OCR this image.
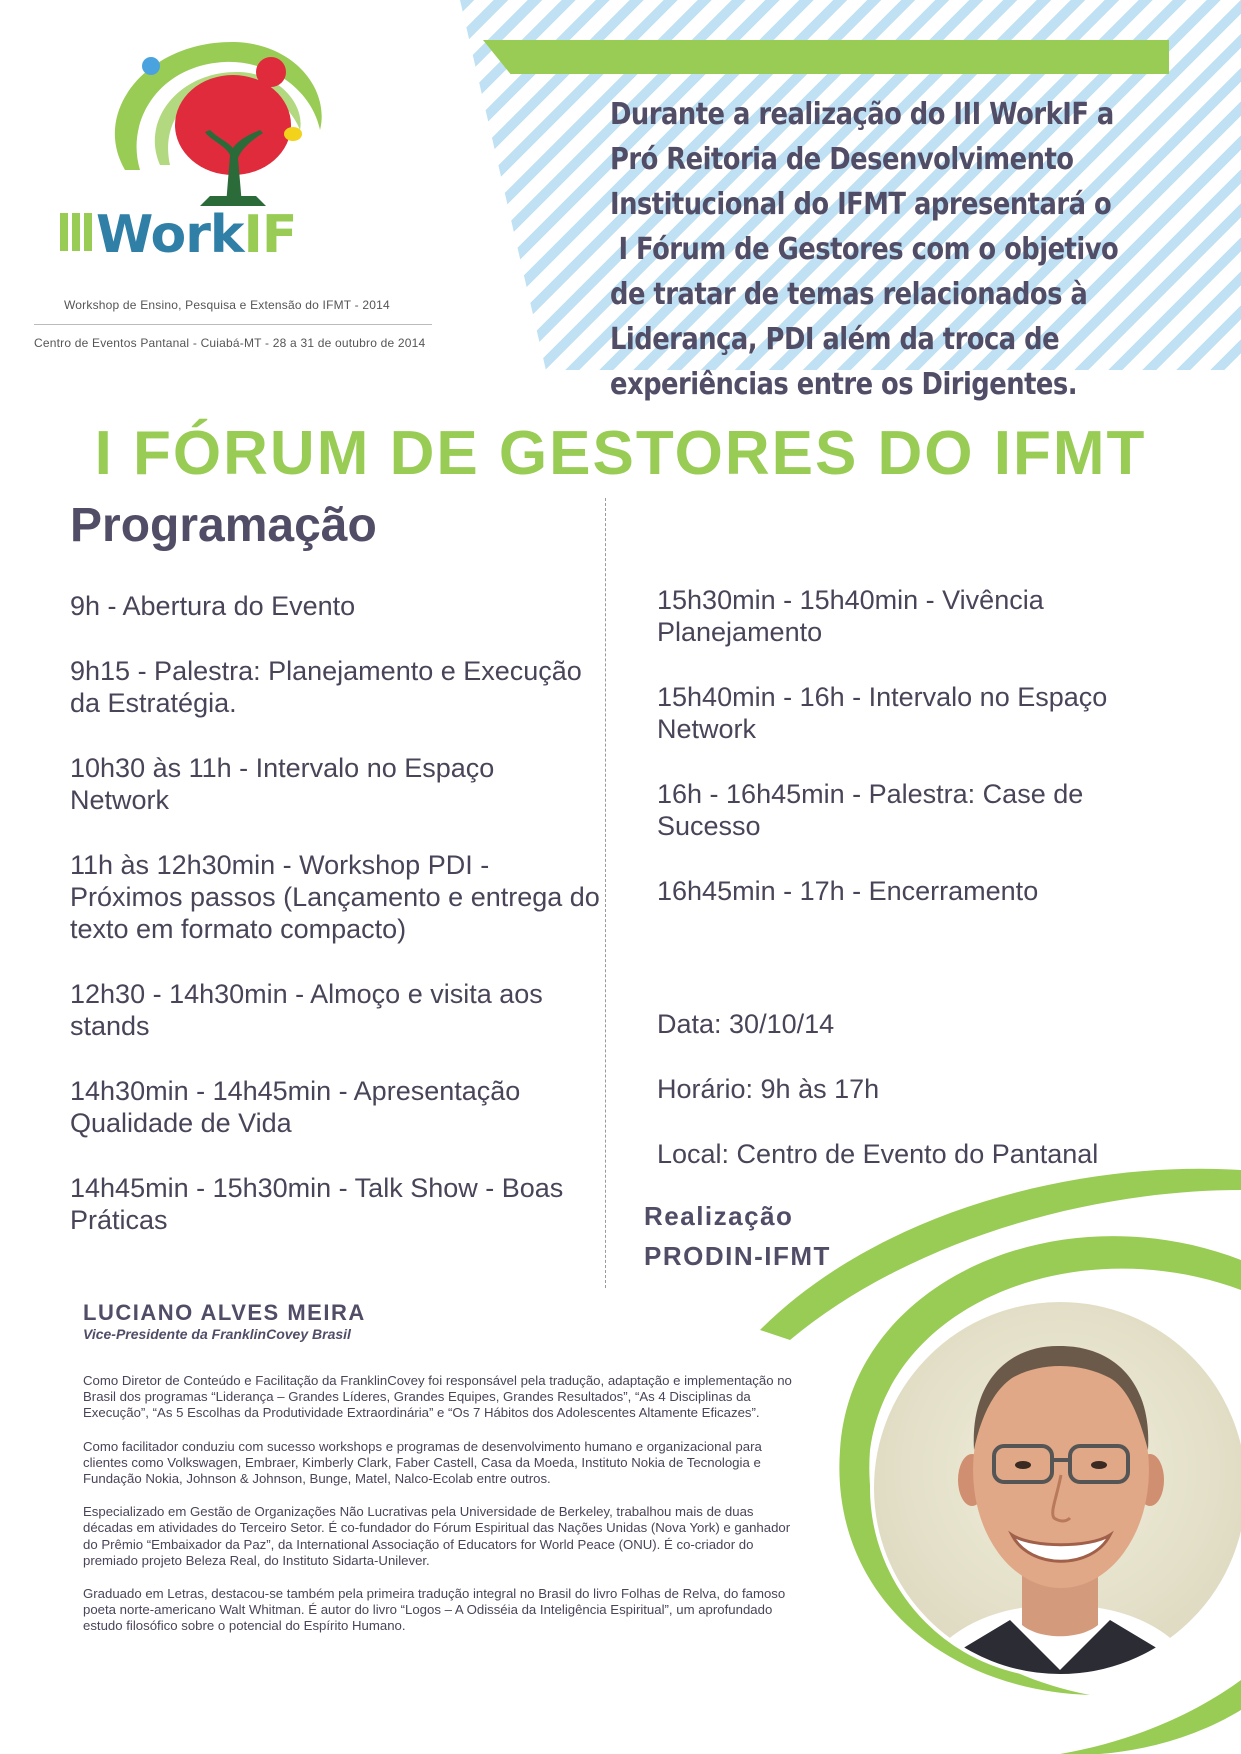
WorkIF
Workshop de Ensino, Pesquisa e Extensão do IFMT - 2014
Centro de Eventos Pantanal - Cuiabá-MT - 28 a 31 de outubro de 2014
Durante a realização do III WorkIF a
Pró Reitoria de Desenvolvimento
Institucional do IFMT apresentará o
I Fórum de Gestores com o objetivo
de tratar de temas relacionados à
Liderança, PDI além da troca de
experiências entre os Dirigentes.
I FÓRUM DE GESTORES DO IFMT
Programação
9h - Abertura do Evento
9h15 - Palestra: Planejamento e Execução da Estratégia.
10h30 às 11h - Intervalo no Espaço Network
11h às 12h30min - Workshop PDI - Próximos passos (Lançamento e entrega do texto em formato compacto)
12h30 - 14h30min - Almoço e visita aos stands
14h30min - 14h45min - Apresentação Qualidade de Vida
14h45min - 15h30min - Talk Show - Boas Práticas
15h30min - 15h40min - Vivência Planejamento
15h40min - 16h - Intervalo no Espaço Network
16h - 16h45min - Palestra: Case de Sucesso
16h45min - 17h - Encerramento
Data: 30/10/14
Horário: 9h às 17h
Local: Centro de Evento do Pantanal
Realização
PRODIN-IFMT
LUCIANO ALVES MEIRA
Vice-Presidente da FranklinCovey Brasil

Como Diretor de Conteúdo e Facilitação da FranklinCovey foi responsável pela tradução, adaptação e implementação no Brasil dos programas “Liderança – Grandes Líderes, Grandes Equipes, Grandes Resultados”, “As 4 Disciplinas da Execução”, “As 5 Escolhas da Produtividade Extraordinária” e “Os 7 Hábitos dos Adolescentes Altamente Eficazes”.

Como facilitador conduziu com sucesso workshops e programas de desenvolvimento humano e organizacional para clientes como Volkswagen, Embraer, Kimberly Clark, Faber Castell, Casa da Moeda, Instituto Nokia de Tecnologia e Fundação Nokia, Johnson & Johnson, Bunge, Matel, Nalco-Ecolab entre outros.

Especializado em Gestão de Organizações Não Lucrativas pela Universidade de Berkeley, trabalhou mais de duas décadas em atividades do Terceiro Setor. É co-fundador do Fórum Espiritual das Nações Unidas (Nova York) e ganhador do Prêmio “Embaixador da Paz”, da International Associação of Educators for World Peace (ONU). É co-criador do premiado projeto Beleza Real, do Instituto Sidarta-Unilever.

Graduado em Letras, destacou-se também pela primeira tradução integral no Brasil do livro Folhas de Relva, do famoso poeta norte-americano Walt Whitman. É autor do livro “Logos – A Odisséia da Inteligência Espiritual”, um aprofundado estudo filosófico sobre o potencial do Espírito Humano.
